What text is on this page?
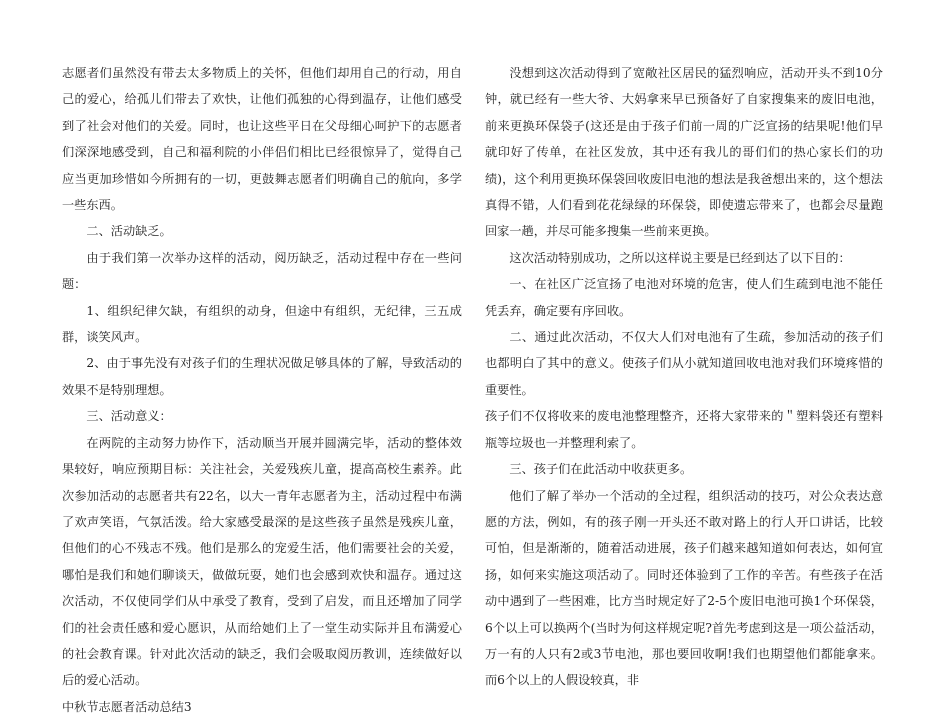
志愿者们虽然没有带去太多物质上的关怀，但他们却用自己的行动，用自己的爱心，给孤儿们带去了欢快，让他们孤独的心得到温存，让他们感受到了社会对他们的关爱。同时，也让这些平日在父母细心呵护下的志愿者们深深地感受到，自己和福利院的小伴侣们相比已经很惊异了，觉得自己应当更加珍惜如今所拥有的一切，更鼓舞志愿者们明确自己的航向，多学一些东西。

二、活动缺乏。

由于我们第一次举办这样的活动，阅历缺乏，活动过程中存在一些问题：

1、组织纪律欠缺，有组织的动身，但途中有组织，无纪律，三五成群，谈笑风声。

2、由于事先没有对孩子们的生理状况做足够具体的了解，导致活动的效果不是特别理想。

三、活动意义：

在两院的主动努力协作下，活动顺当开展并圆满完毕，活动的整体效果较好，响应预期目标：关注社会，关爱残疾儿童，提高高校生素养。此次参加活动的志愿者共有22名，以大一青年志愿者为主，活动过程中布满了欢声笑语，气氛活泼。给大家感受最深的是这些孩子虽然是残疾儿童，但他们的心不残志不残。他们是那么的宠爱生活，他们需要社会的关爱，哪怕是我们和她们聊谈天，做做玩耍，她们也会感到欢快和温存。通过这次活动，不仅使同学们从中承受了教育，受到了启发，而且还增加了同学们的社会责任感和爱心愿识，从而给她们上了一堂生动实际并且布满爱心的社会教育课。针对此次活动的缺乏，我们会吸取阅历教训，连续做好以后的爱心活动。

中秋节志愿者活动总结3

没想到这次活动得到了宽敞社区居民的猛烈响应，活动开头不到10分钟，就已经有一些大爷、大妈拿来早已预备好了自家搜集来的废旧电池，前来更换环保袋子(这还是由于孩子们前一周的广泛宣扬的结果呢!他们早就印好了传单，在社区发放，其中还有我儿的哥们们的热心家长们的功绩)，这个利用更换环保袋回收废旧电池的想法是我爸想出来的，这个想法真得不错，人们看到花花绿绿的环保袋，即使遗忘带来了，也都会尽量跑回家一趟，并尽可能多搜集一些前来更换。

这次活动特别成功，之所以这样说主要是已经到达了以下目的：

一、在社区广泛宣扬了电池对环境的危害，使人们生疏到电池不能任凭丢弃，确定要有序回收。

二、通过此次活动，不仅大人们对电池有了生疏，参加活动的孩子们也都明白了其中的意义。使孩子们从小就知道回收电池对我们环境疼惜的重要性。

孩子们不仅将收来的废电池整理整齐，还将大家带来的＂塑料袋还有塑料瓶等垃圾也一并整理利索了。

三、孩子们在此活动中收获更多。

他们了解了举办一个活动的全过程，组织活动的技巧，对公众表达意愿的方法，例如，有的孩子刚一开头还不敢对路上的行人开口讲话，比较可怕，但是渐渐的，随着活动进展，孩子们越来越知道如何表达，如何宣扬，如何来实施这项活动了。同时还体验到了工作的辛苦。有些孩子在活动中遇到了一些困难，比方当时规定好了2-5个废旧电池可换1个环保袋，6个以上可以换两个(当时为何这样规定呢?首先考虑到这是一项公益活动，万一有的人只有2或3节电池，那也要回收啊!我们也期望他们都能拿来。而6个以上的人假设较真，非
